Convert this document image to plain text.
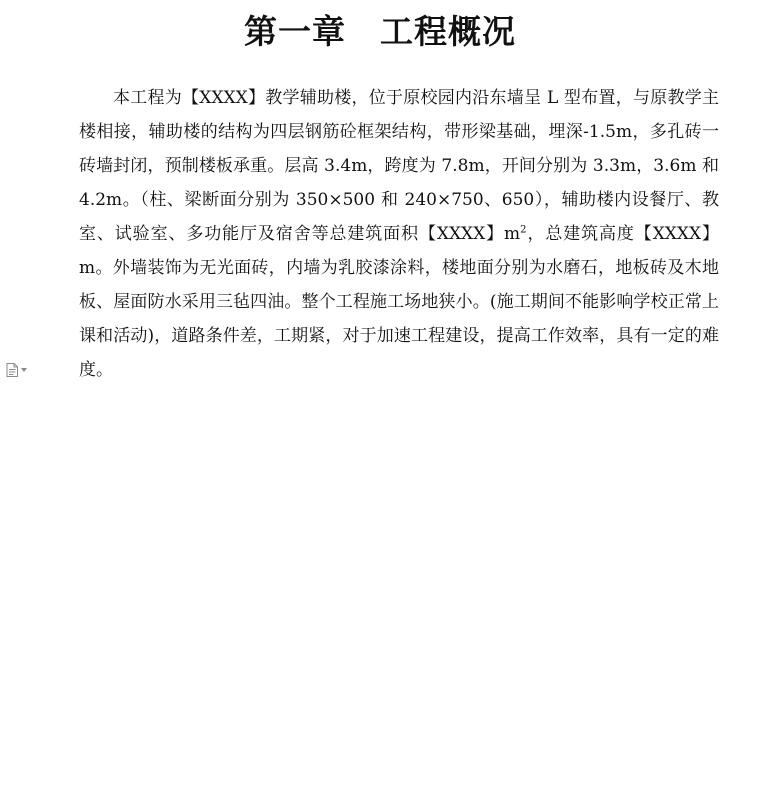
第一章　工程概况

本工程为【XXXX】教学辅助楼，位于原校园内沿东墙呈 L 型布置，与原教学主楼相接，辅助楼的结构为四层钢筋砼框架结构，带形梁基础，埋深-1.5m，多孔砖一砖墙封闭，预制楼板承重。层高 3.4m，跨度为 7.8m，开间分别为 3.3m，3.6m 和 4.2m。（柱、梁断面分别为 350×500 和 240×750、650），辅助楼内设餐厅、教室、试验室、多功能厅及宿舍等总建筑面积【XXXX】$m^2$，总建筑高度【XXXX】m。外墙装饰为无光面砖，内墙为乳胶漆涂料，楼地面分别为水磨石，地板砖及木地板、屋面防水采用三毡四油。整个工程施工场地狭小。(施工期间不能影响学校正常上课和活动)，道路条件差，工期紧，对于加速工程建设，提高工作效率，具有一定的难度。
